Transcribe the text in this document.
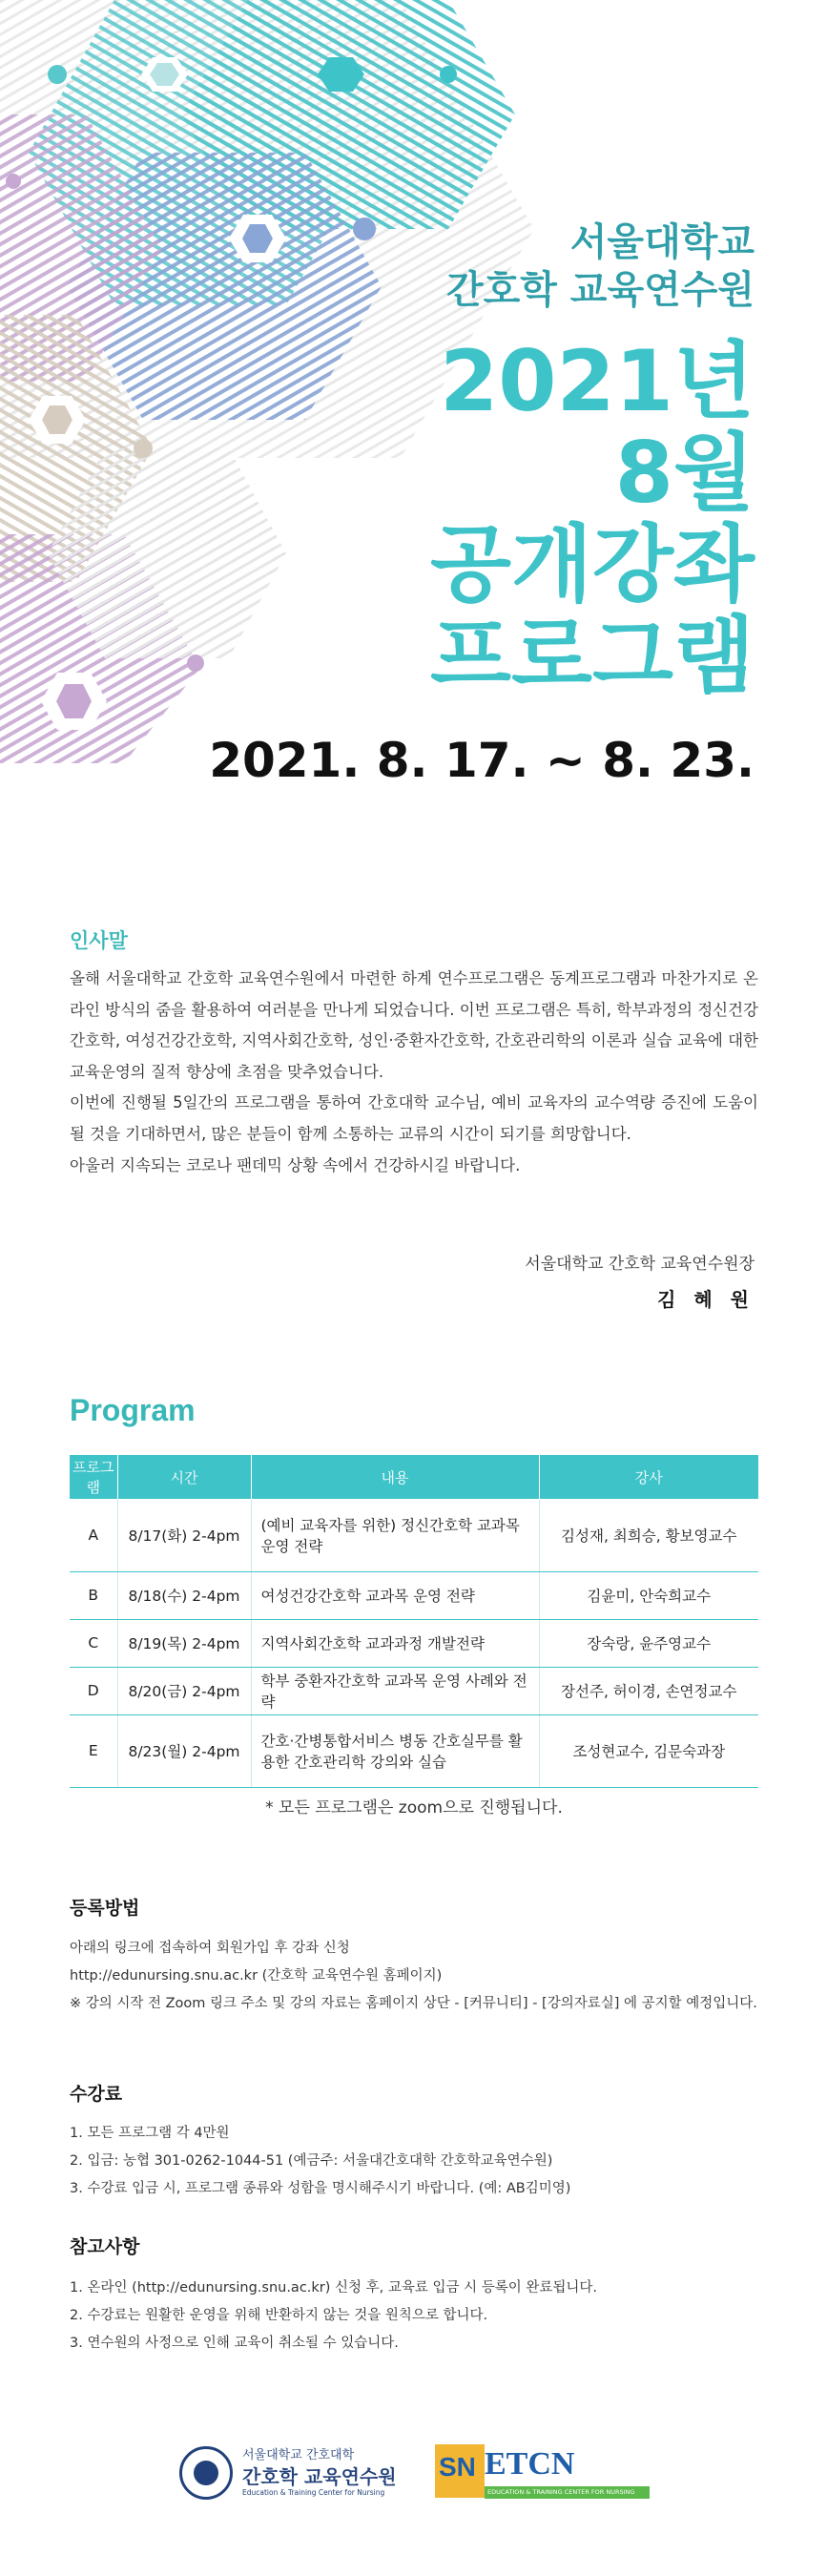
서울대학교
간호학 교육연수원
2021년
8월
공개강좌
프로그램
2021. 8. 17. ~ 8. 23.
인사말

올해 서울대학교 간호학 교육연수원에서 마련한 하계 연수프로그램은 동계프로그램과 마찬가지로 온라인 방식의 줌을 활용하여 여러분을 만나게 되었습니다. 이번 프로그램은 특히, 학부과정의 정신건강간호학, 여성건강간호학, 지역사회간호학, 성인·중환자간호학, 간호관리학의 이론과 실습 교육에 대한 교육운영의 질적 향상에 초점을 맞추었습니다.

이번에 진행될 5일간의 프로그램을 통하여 간호대학 교수님, 예비 교육자의 교수역량 증진에 도움이 될 것을 기대하면서, 많은 분들이 함께 소통하는 교류의 시간이 되기를 희망합니다.

아울러 지속되는 코로나 팬데믹 상황 속에서 건강하시길 바랍니다.

서울대학교 간호학 교육연수원장
김 혜 원
Program
프로그램	시간	내용	강사
A	8/17(화) 2-4pm	(예비 교육자를 위한) 정신간호학 교과목 운영 전략	김성재, 최희승, 황보영교수
B	8/18(수) 2-4pm	여성건강간호학 교과목 운영 전략	김윤미, 안숙희교수
C	8/19(목) 2-4pm	지역사회간호학 교과과정 개발전략	장숙랑, 윤주영교수
D	8/20(금) 2-4pm	학부 중환자간호학 교과목 운영 사례와 전략	장선주, 허이경, 손연정교수
E	8/23(월) 2-4pm	간호·간병통합서비스 병동 간호실무를 활용한 간호관리학 강의와 실습	조성현교수, 김문숙과장
* 모든 프로그램은 zoom으로 진행됩니다.
등록방법

아래의 링크에 접속하여 회원가입 후 강좌 신청

http://edunursing.snu.ac.kr (간호학 교육연수원 홈페이지)

※ 강의 시작 전 Zoom 링크 주소 및 강의 자료는 홈페이지 상단 - [커뮤니티] - [강의자료실] 에 공지할 예정입니다.

수강료

1. 모든 프로그램 각 4만원

2. 입금: 농협 301-0262-1044-51 (예금주: 서울대간호대학 간호학교육연수원)

3. 수강료 입금 시, 프로그램 종류와 성함을 명시해주시기 바랍니다. (예: AB김미영)

참고사항

1. 온라인 (http://edunursing.snu.ac.kr) 신청 후, 교육료 입금 시 등록이 완료됩니다.

2. 수강료는 원활한 운영을 위해 반환하지 않는 것을 원칙으로 합니다.

3. 연수원의 사정으로 인해 교육이 취소될 수 있습니다.

서울대학교 간호대학
간호학 교육연수원
Education & Training Center for Nursing
SN ETCN
EDUCATION & TRAINING CENTER FOR NURSING
